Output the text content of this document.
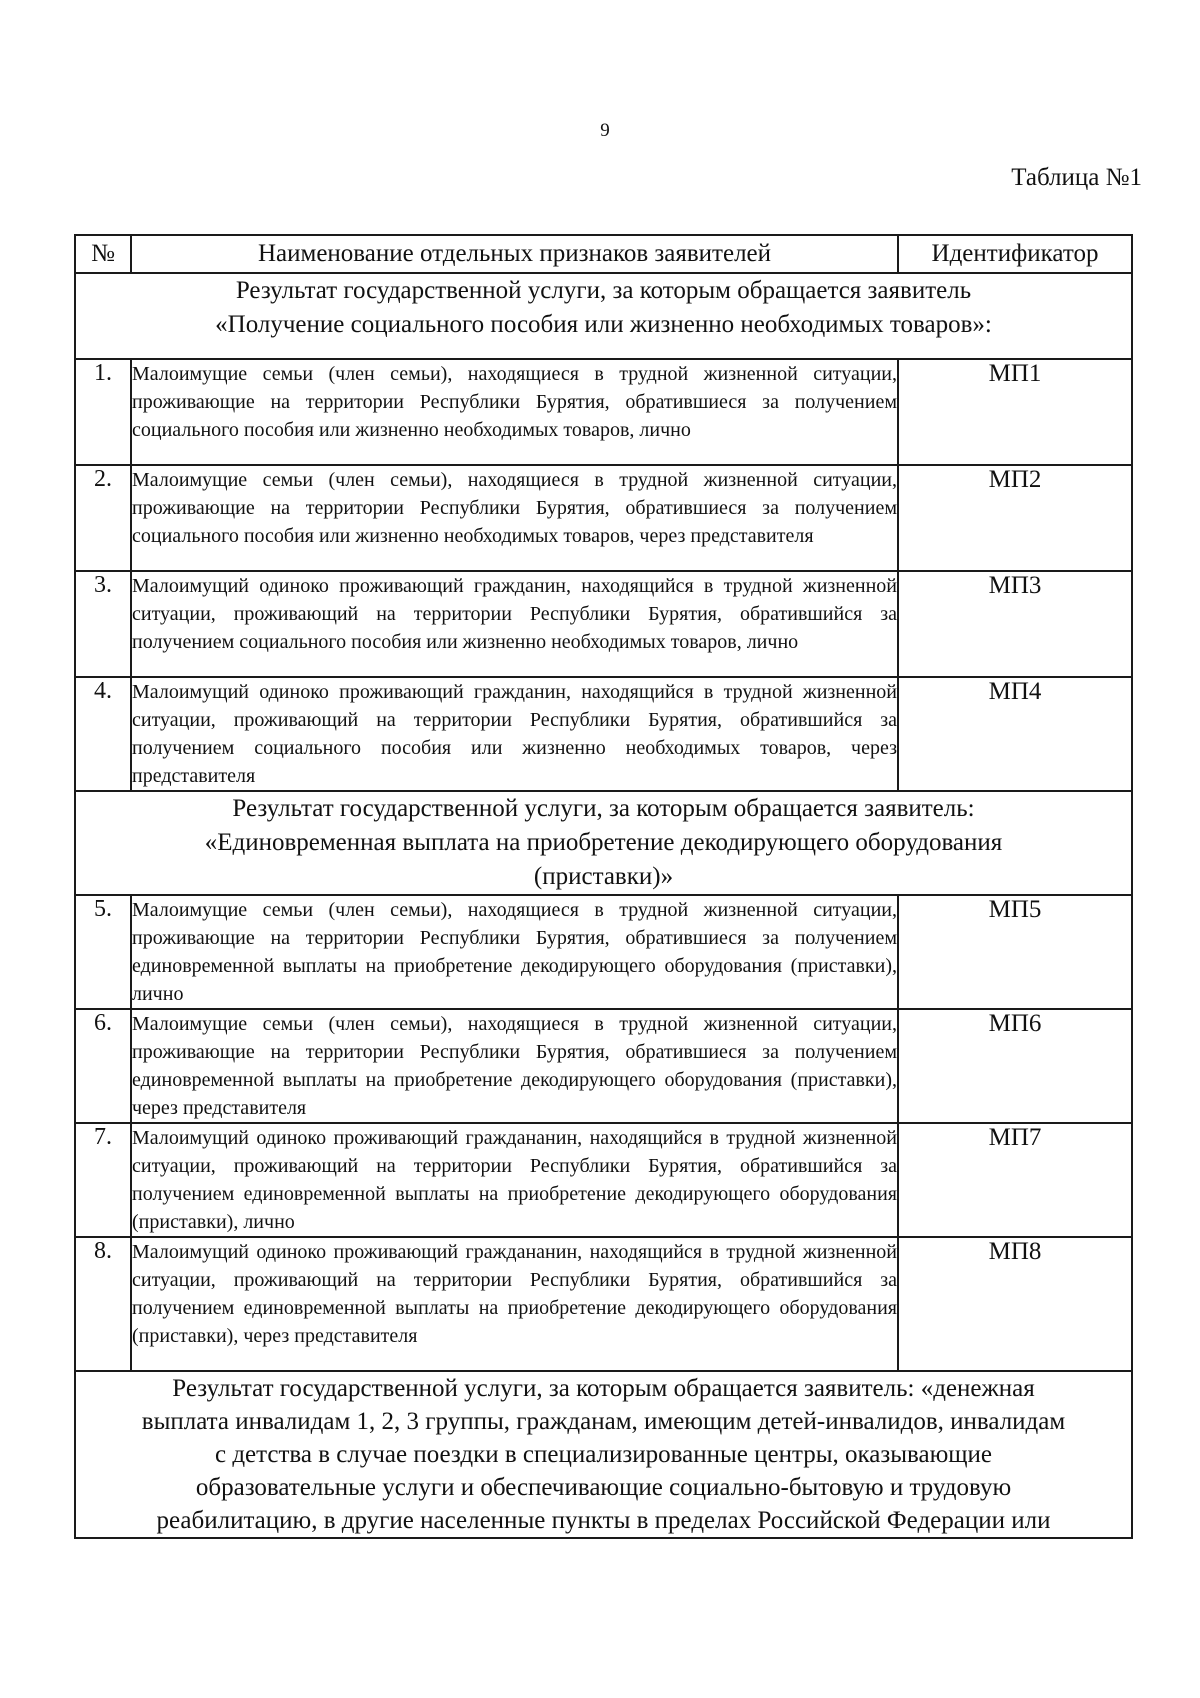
9
Таблица №1
№	Наименование отдельных признаков заявителей	Идентификатор

Результат государственной услуги, за которым обращается заявитель
«Получение социального пособия или жизненно необходимых товаров»:		

1.	Малоимущие семьи (член семьи), находящиеся в трудной жизненной ситуации, проживающие на территории Республики Бурятия, обратившиеся за получением социального пособия или жизненно необходимых товаров, лично	МП1
2.	Малоимущие семьи (член семьи), находящиеся в трудной жизненной ситуации, проживающие на территории Республики Бурятия, обратившиеся за получением социального пособия или жизненно необходимых товаров, через представителя	МП2
3.	Малоимущий одиноко проживающий гражданин, находящийся в трудной жизненной ситуации, проживающий на территории Республики Бурятия, обратившийся за получением социального пособия или жизненно необходимых товаров, лично	МП3
4.	Малоимущий одиноко проживающий гражданин, находящийся в трудной жизненной ситуации, проживающий на территории Республики Бурятия, обратившийся за получением социального пособия или жизненно необходимых товаров, через представителя	МП4

Результат государственной услуги, за которым обращается заявитель:
«Единовременная выплата на приобретение декодирующего оборудования
(приставки)»		

5.	Малоимущие семьи (член семьи), находящиеся в трудной жизненной ситуации, проживающие на территории Республики Бурятия, обратившиеся за получением единовременной выплаты на приобретение декодирующего оборудования (приставки), лично	МП5
6.	Малоимущие семьи (член семьи), находящиеся в трудной жизненной ситуации, проживающие на территории Республики Бурятия, обратившиеся за получением единовременной выплаты на приобретение декодирующего оборудования (приставки), через представителя	МП6
7.	Малоимущий одиноко проживающий граждананин, находящийся в трудной жизненной ситуации, проживающий на территории Республики Бурятия, обратившийся за получением единовременной выплаты на приобретение декодирующего оборудования (приставки), лично	МП7
8.	Малоимущий одиноко проживающий граждананин, находящийся в трудной жизненной ситуации, проживающий на территории Республики Бурятия, обратившийся за получением единовременной выплаты на приобретение декодирующего оборудования (приставки), через представителя	МП8

Результат государственной услуги, за которым обращается заявитель: «денежная
выплата инвалидам 1, 2, 3 группы, гражданам, имеющим детей-инвалидов, инвалидам
с детства в случае поездки в специализированные центры, оказывающие
образовательные услуги и обеспечивающие социально-бытовую и трудовую
реабилитацию, в другие населенные пункты в пределах Российской Федерации или		
